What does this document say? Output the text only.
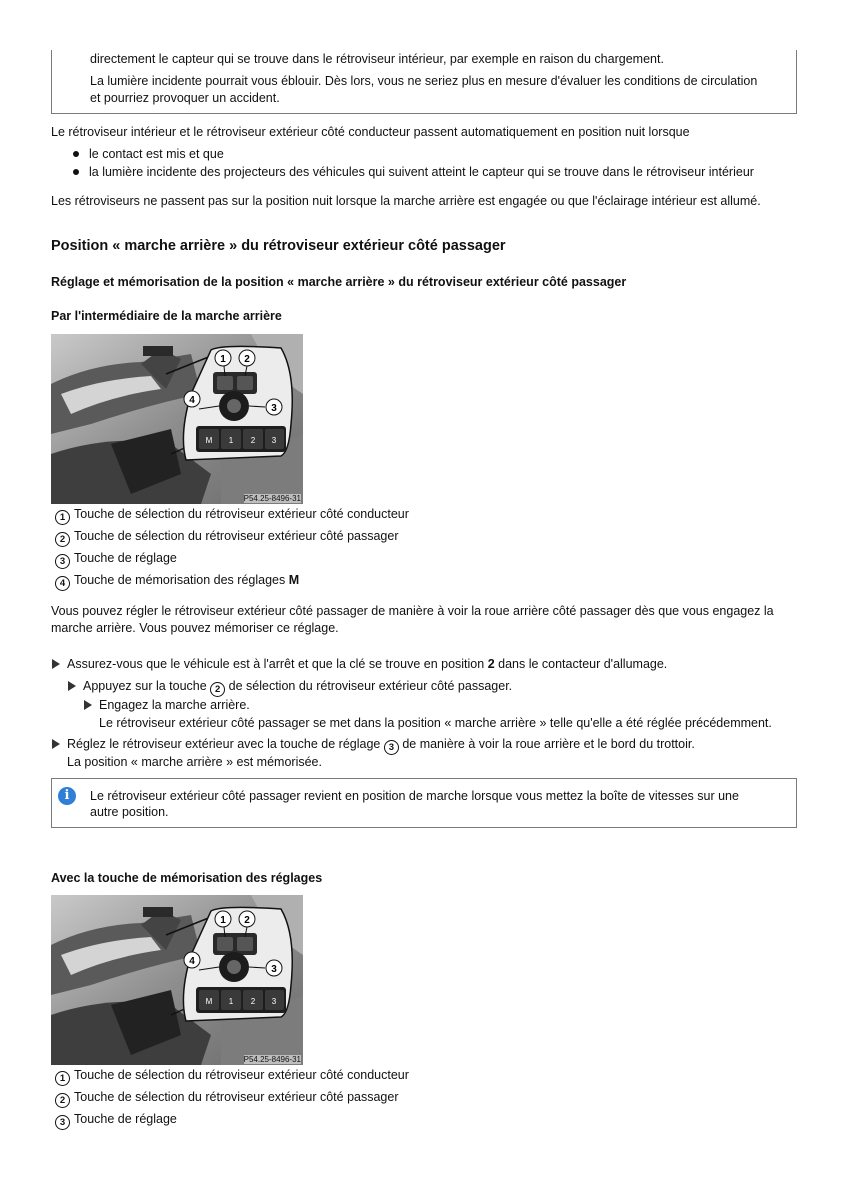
directement le capteur qui se trouve dans le rétroviseur intérieur, par exemple en raison du chargement.
La lumière incidente pourrait vous éblouir. Dès lors, vous ne seriez plus en mesure d'évaluer les conditions de circulation
et pourriez provoquer un accident.
Le rétroviseur intérieur et le rétroviseur extérieur côté conducteur passent automatiquement en position nuit lorsque
le contact est mis et que
la lumière incidente des projecteurs des véhicules qui suivent atteint le capteur qui se trouve dans le rétroviseur intérieur
Les rétroviseurs ne passent pas sur la position nuit lorsque la marche arrière est engagée ou que l'éclairage intérieur est allumé.
Position « marche arrière » du rétroviseur extérieur côté passager
Réglage et mémorisation de la position « marche arrière » du rétroviseur extérieur côté passager
Par l'intermédiaire de la marche arrière
M 1 2 3
1 2
3
4
P54.25-8496-31
1 Touche de sélection du rétroviseur extérieur côté conducteur
2 Touche de sélection du rétroviseur extérieur côté passager
3 Touche de réglage
4 Touche de mémorisation des réglages M
Vous pouvez régler le rétroviseur extérieur côté passager de manière à voir la roue arrière côté passager dès que vous engagez la
marche arrière. Vous pouvez mémoriser ce réglage.
Assurez-vous que le véhicule est à l'arrêt et que la clé se trouve en position 2 dans le contacteur d'allumage.
Appuyez sur la touche 2 de sélection du rétroviseur extérieur côté passager.
Engagez la marche arrière.
Le rétroviseur extérieur côté passager se met dans la position « marche arrière » telle qu'elle a été réglée précédemment.
Réglez le rétroviseur extérieur avec la touche de réglage 3 de manière à voir la roue arrière et le bord du trottoir.
La position « marche arrière » est mémorisée.
i	Le rétroviseur extérieur côté passager revient en position de marche lorsque vous mettez la boîte de vitesses sur une
autre position.
Avec la touche de mémorisation des réglages
M 1 2 3
1 2
3
4
P54.25-8496-31
1 Touche de sélection du rétroviseur extérieur côté conducteur
2 Touche de sélection du rétroviseur extérieur côté passager
3 Touche de réglage
